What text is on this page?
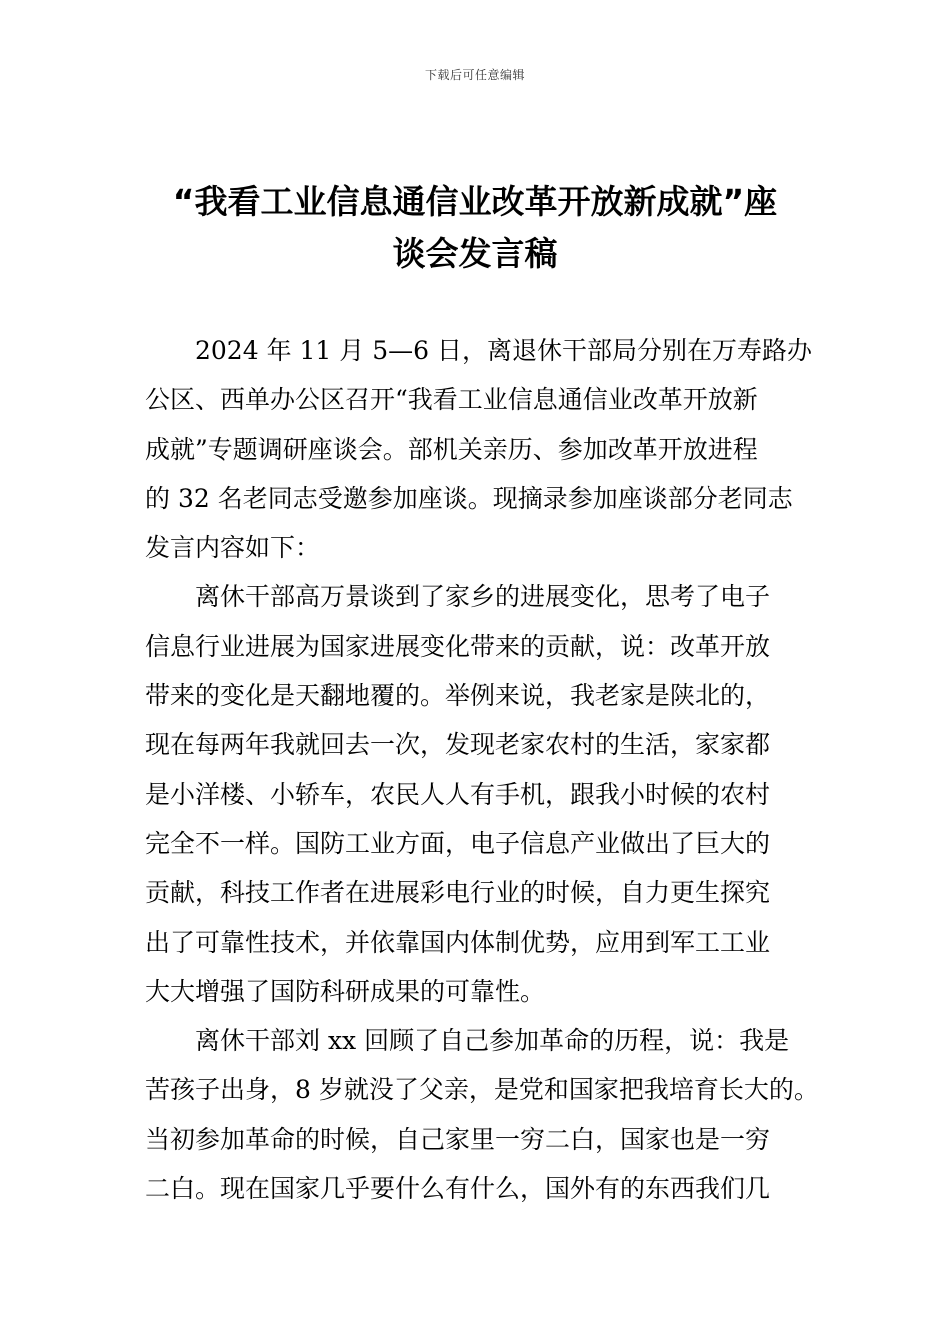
下载后可任意编辑
“我看工业信息通信业改革开放新成就”座
谈会发言稿

2024 年 11 月 5—6 日，离退休干部局分别在万寿路办
公区、西单办公区召开“我看工业信息通信业改革开放新
成就”专题调研座谈会。部机关亲历、参加改革开放进程
的 32 名老同志受邀参加座谈。现摘录参加座谈部分老同志
发言内容如下：

离休干部高万景谈到了家乡的进展变化，思考了电子
信息行业进展为国家进展变化带来的贡献，说：改革开放
带来的变化是天翻地覆的。举例来说，我老家是陕北的，
现在每两年我就回去一次，发现老家农村的生活，家家都
是小洋楼、小轿车，农民人人有手机，跟我小时候的农村
完全不一样。国防工业方面，电子信息产业做出了巨大的
贡献，科技工作者在进展彩电行业的时候，自力更生探究
出了可靠性技术，并依靠国内体制优势，应用到军工工业
大大增强了国防科研成果的可靠性。

离休干部刘 xx 回顾了自己参加革命的历程，说：我是
苦孩子出身，8 岁就没了父亲，是党和国家把我培育长大的。
当初参加革命的时候，自己家里一穷二白，国家也是一穷
二白。现在国家几乎要什么有什么，国外有的东西我们几
